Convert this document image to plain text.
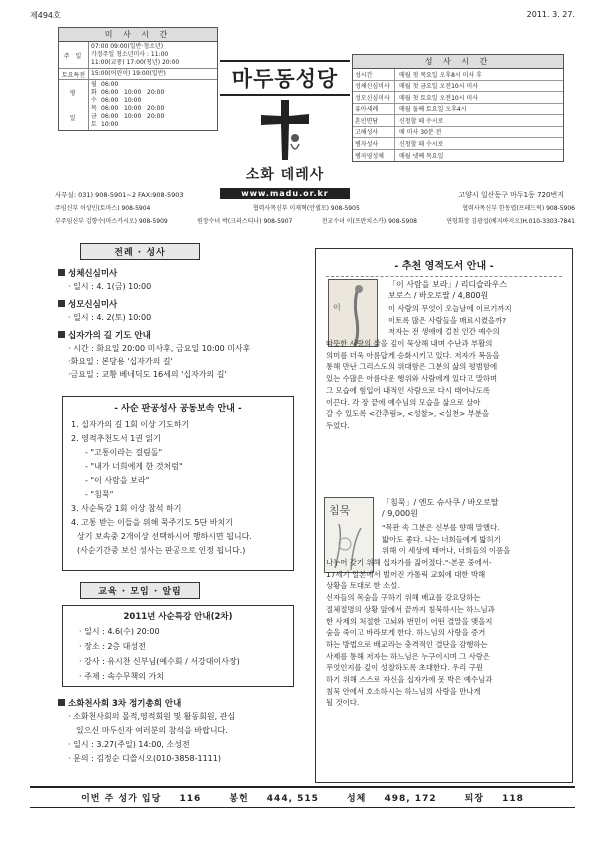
제494호	2011. 3. 27.
미 사 시 간
주 일
07:00 09:00(일반·청소년)
가정주일 청소년미사 : 11:00
11:00(교중) 17:00(청년) 20:00
토요특전 15:00(어린이) 19:00(일반)
평
일
월 06:00
화 06:00   10:00   20:00
수 06:00   10:00
목 06:00   10:00   20:00
금 06:00   10:00   20:00
토 10:00
마두동성당
소화 데레사
www.madu.or.kr
성 사 시 간
성시간	매월 첫 목요일 오후8시 미사 후
성체신심미사	매월 첫 금요일 오전10시 미사
성모신심미사	매월 첫 토요일 오전10시 미사
유아세례	매월 둘째 토요일 오후4시
혼인면담	신청할 때 수시로
고해성사	매 미사 30분 전
병자성사	신청할 때 수시로
병자영성체	매월 넷째 목요일
고양시 일산동구 마두1동 720번지
사무실: 031) 908-5901~2 FAX:908-5903
주임신부 이상민(토마스) 908-5904	협력사목신부 이재혁(안셀모) 908-5905	협력사목신부 한동엽(프레드릭) 908-5906
부주임신부 김향수(마스카시오) 908-5909	원장수녀 박(크리스티나) 908-5907	전교수녀 이(프란치스카) 908-5908	연령회장 김광섭(베지바지오)H.010-3303-7841
전례 · 성사
성체신심미사
· 일시 : 4. 1(금) 10:00
성모신심미사
· 일시 : 4. 2(토) 10:00
십자가의 길 기도 안내
· 시간 : 화요일 20:00 미사후, 금요일 10:00 미사후
·화요일 : 본당용 '십자가의 길'
·금요일 : 교황 베네딕도 16세의 '십자가의 길'
- 사순 판공성사 공동보속 안내 -
1. 십자가의 길 1회 이상 기도하기
2. 영적추천도서 1권 읽기
- "고통이라는 걸림돌"
- "내가 너희에게 한 것처럼"
- "이 사람을 보라"
- "침묵"
3. 사순특강 1회 이상 참석 하기
4. 고통 받는 이들을 위해 묵주기도 5단 바치기
상기 보속중 2개이상 선택하시어 행하시면 됩니다.
(사순기간중 보신 성사는 판공으로 인정 됩니다.)
교육 · 모임 · 알림
2011년 사순특강 안내(2차)
· 일시 : 4.6(수) 20:00
· 장소 : 2층 대성전
· 강사 : 유시찬 신부님(예수회 / 서강대이사장)
· 주제 : 속수무책의 가치
소화천사회 3차 정기총회 안내
· 소화천사회의 몰적,영적회원 및 활동회원, 관심
있으신 마두신자 여러분의 참석을 바랍니다.
· 일시 : 3.27(주일) 14:00, 소성전
· 문의 : 김정순 디쓸시오(010-3858-1111)
- 추천 영적도서 안내 -
이
「이 사람을 보라」/ 리디슬라우스
보로스 / 바오로딸 / 4,800원
이 사람의 무엇이 오늘날에 이르기까지
이토록 많은 사람들을 매료시켰을까?
저자는 전 생애에 걸친 인간 예수의
따뜻한 사랑의 삶을 깊이 묵상해 내며 수난과 부활의
의미를 더욱 아름답게 승화시키고 있다. 저자가 복음을
통해 만난 그리스도의 위대함은 그분의 삶의 평범함에
있는 수많은 아름다운 행위와 사람에게 있다고 말하며
그 모습에 힘입어 내적인 사람으로 다시 태어나도록
이끈다. 각 장 끝에 예수님의 모습을 삶으로 살아
갈 수 있도록 <간추림>, <성찰>, <실천> 부분을
두었다.
침묵
「침묵」/ 엔도 슈사쿠 / 바오로딸
/ 9,000원
"목판 속 그분은 신부를 향해 말했다.
밟아도 좋다. 나는 너희들에게 밟히기
위해 이 세상에 태어나, 너희들의 이픔을
나누어 갖기 위해 십자가를 짊어졌다."-본문 중에서-
17세기 일본에서 벌어진 가톨릭 교회에 대한 박해
상황을 토대로 한 소설.
신자들의 목숨을 구하기 위해 배교를 강요당하는
절체절명의 상황 앞에서 끝까지 침묵하시는 하느님과
한 사제의 처절한 고뇌와 번민이 어떤 결말을 맺을지
숨을 죽이고 바라보게 한다. 하느님의 사랑을 증거
하는 방법으로 배교라는 충격적인 결단을 감행하는
사제를 통해 저자는 하느님은 누구이시며 그 사랑은
무엇인지를 깊이 성찰하도록 초대한다. 우리 구원
하기 위해 스스로 자신을 십자가에 못 박은 예수님과
침묵 안에서 호소하시는 하느님의 사랑을 만나게
될 것이다.
이번 주 성가 입당 116	봉헌 444, 515	성체 498, 172	퇴장 118
